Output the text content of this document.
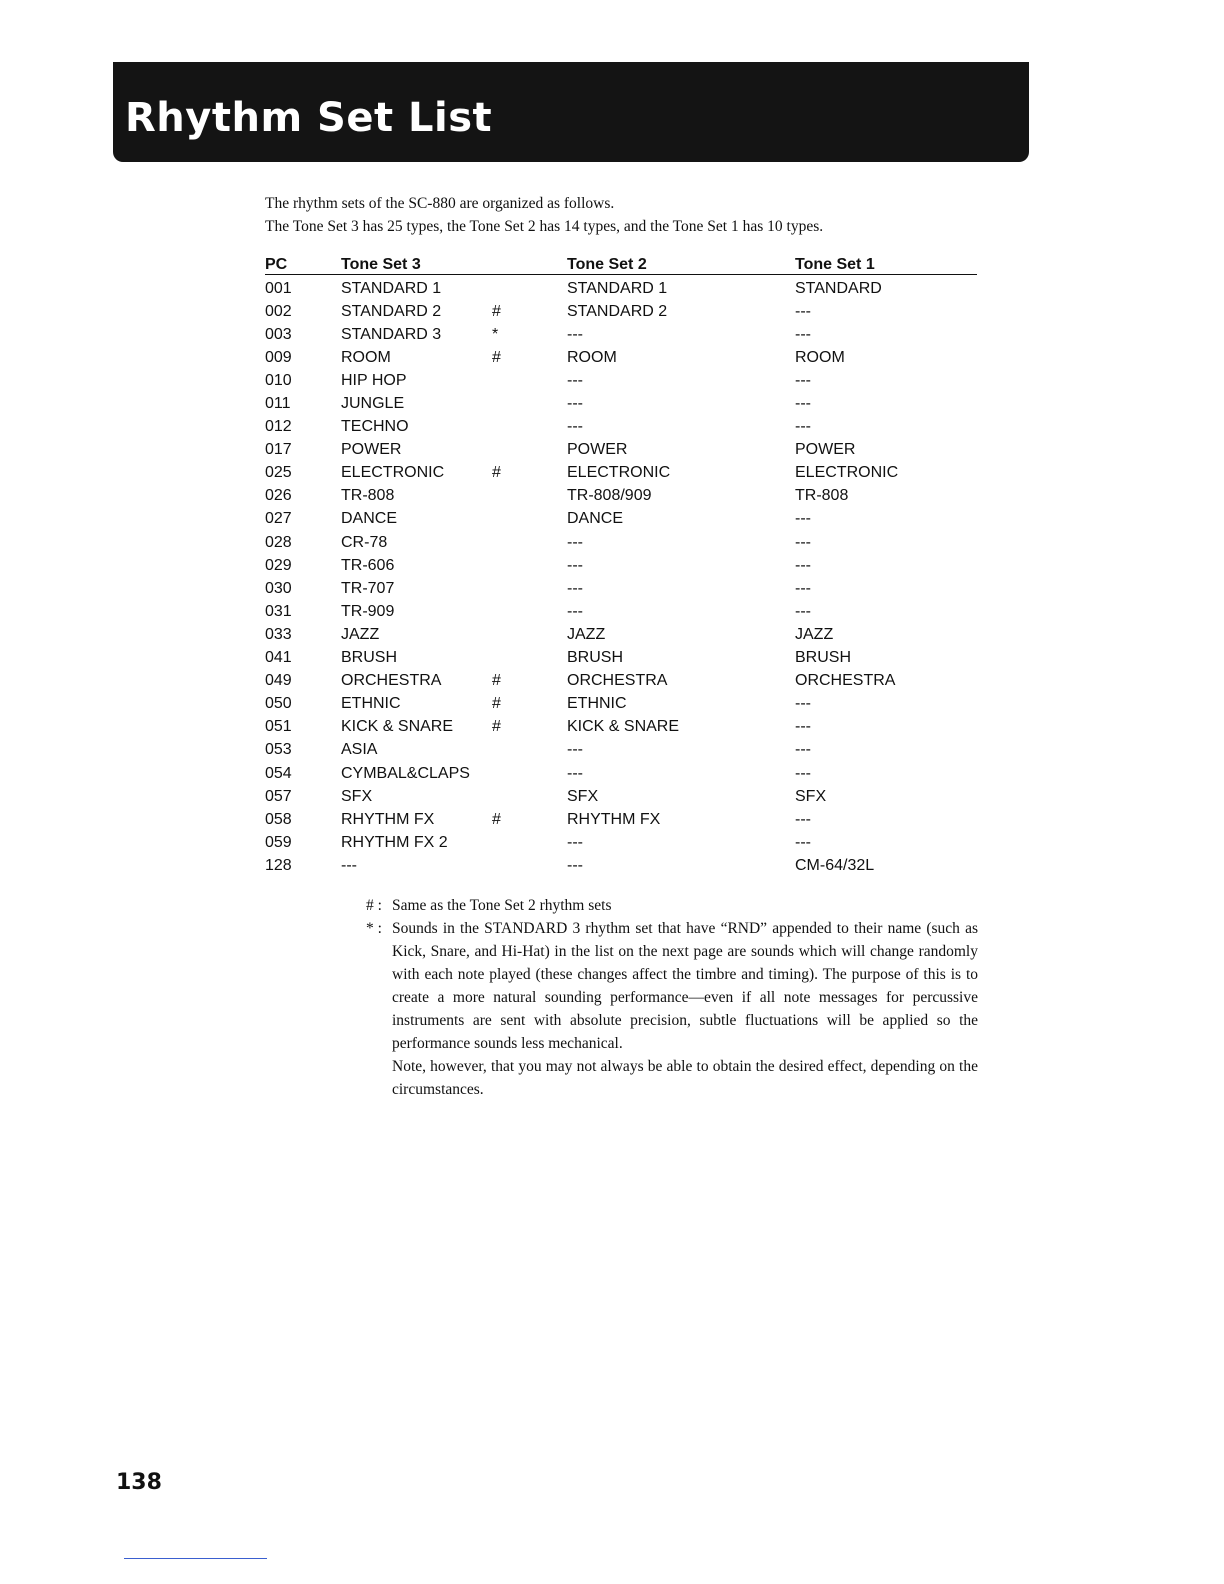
Rhythm Set List

The rhythm sets of the SC-880 are organized as follows.

The Tone Set 3 has 25 types, the Tone Set 2 has 14 types, and the Tone Set 1 has 10 types.

PC	Tone Set 3		Tone Set 2	Tone Set 1
001	STANDARD 1		STANDARD 1	STANDARD
002	STANDARD 2	#	STANDARD 2	---
003	STANDARD 3	*	---	---
009	ROOM	#	ROOM	ROOM
010	HIP HOP		---	---
011	JUNGLE		---	---
012	TECHNO		---	---
017	POWER		POWER	POWER
025	ELECTRONIC	#	ELECTRONIC	ELECTRONIC
026	TR-808		TR-808/909	TR-808
027	DANCE		DANCE	---
028	CR-78		---	---
029	TR-606		---	---
030	TR-707		---	---
031	TR-909		---	---
033	JAZZ		JAZZ	JAZZ
041	BRUSH		BRUSH	BRUSH
049	ORCHESTRA	#	ORCHESTRA	ORCHESTRA
050	ETHNIC	#	ETHNIC	---
051	KICK & SNARE	#	KICK & SNARE	---
053	ASIA		---	---
054	CYMBAL&CLAPS		---	---
057	SFX		SFX	SFX
058	RHYTHM FX	#	RHYTHM FX	---
059	RHYTHM FX 2		---	---
128	---		---	CM-64/32L
# : Same as the Tone Set 2 rhythm sets

* : Sounds in the STANDARD 3 rhythm set that have “RND” appended to their name (such as Kick, Snare, and Hi-Hat) in the list on the next page are sounds which will change randomly with each note played (these changes affect the timbre and timing). The purpose of this is to create a more natural sounding performance—even if all note messages for percussive instruments are sent with absolute precision, subtle fluctuations will be applied so the performance sounds less mechanical.

Note, however, that you may not always be able to obtain the desired effect, depending on the circumstances.

138
